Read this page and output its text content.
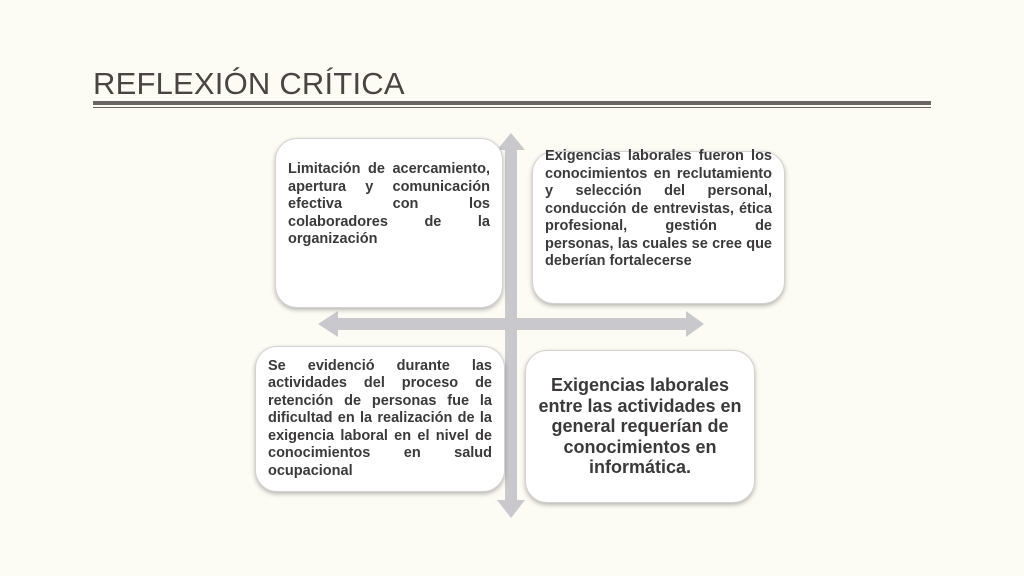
REFLEXIÓN CRÍTICA

Limitación de acercamiento, apertura y comunicación efectiva con los colaboradores de la organización

Exigencias laborales fueron los conocimientos en reclutamiento y selección del personal, conducción de entrevistas, ética profesional, gestión de personas, las cuales se cree que deberían fortalecerse

Se evidenció durante las actividades del proceso de retención de personas fue la dificultad en la realización de la exigencia laboral en el nivel de conocimientos en salud ocupacional

Exigencias laborales entre las actividades en general requerían de conocimientos en informática.
